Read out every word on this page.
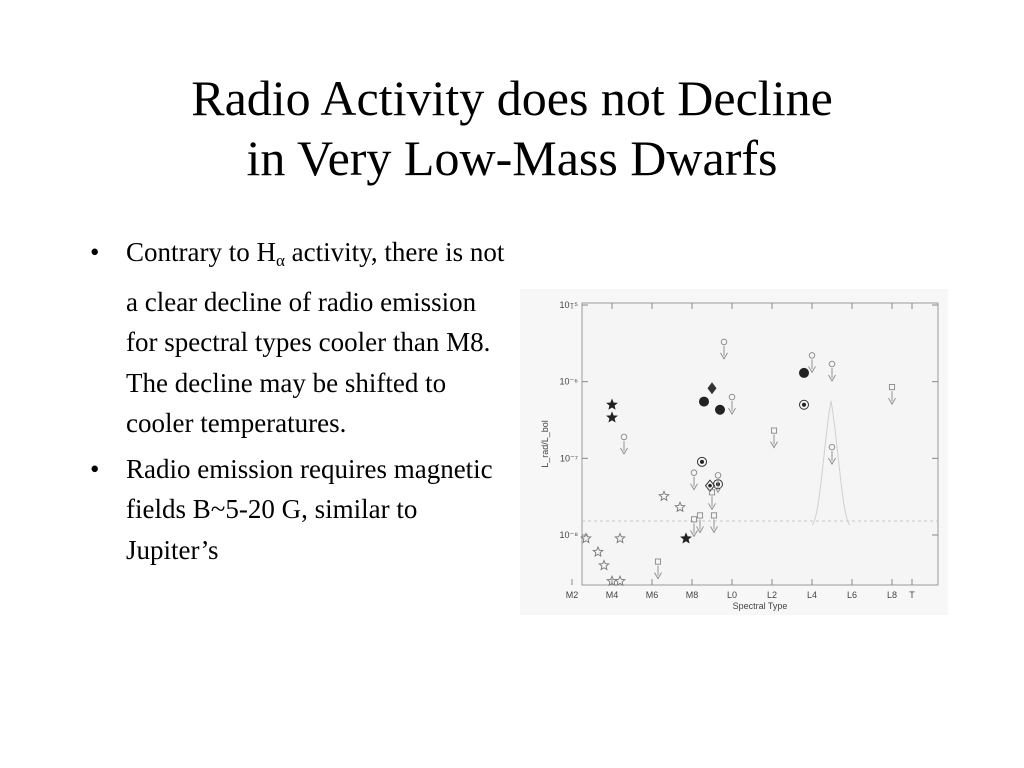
Radio Activity does not Decline
in Very Low-Mass Dwarfs
• Contrary to $H_\alpha$ activity, there is not a clear decline of radio emission for spectral types cooler than M8. The decline may be shifted to cooler temperatures.
• Radio emission requires magnetic fields B~5-20 G, similar to Jupiter’s
M2	M4	M6	M8	L0	L2	L4	L6	L8 T
Spectral Type
10⁻⁵
10⁻⁶
10⁻⁷
10⁻⁸
L_rad/L_bol
